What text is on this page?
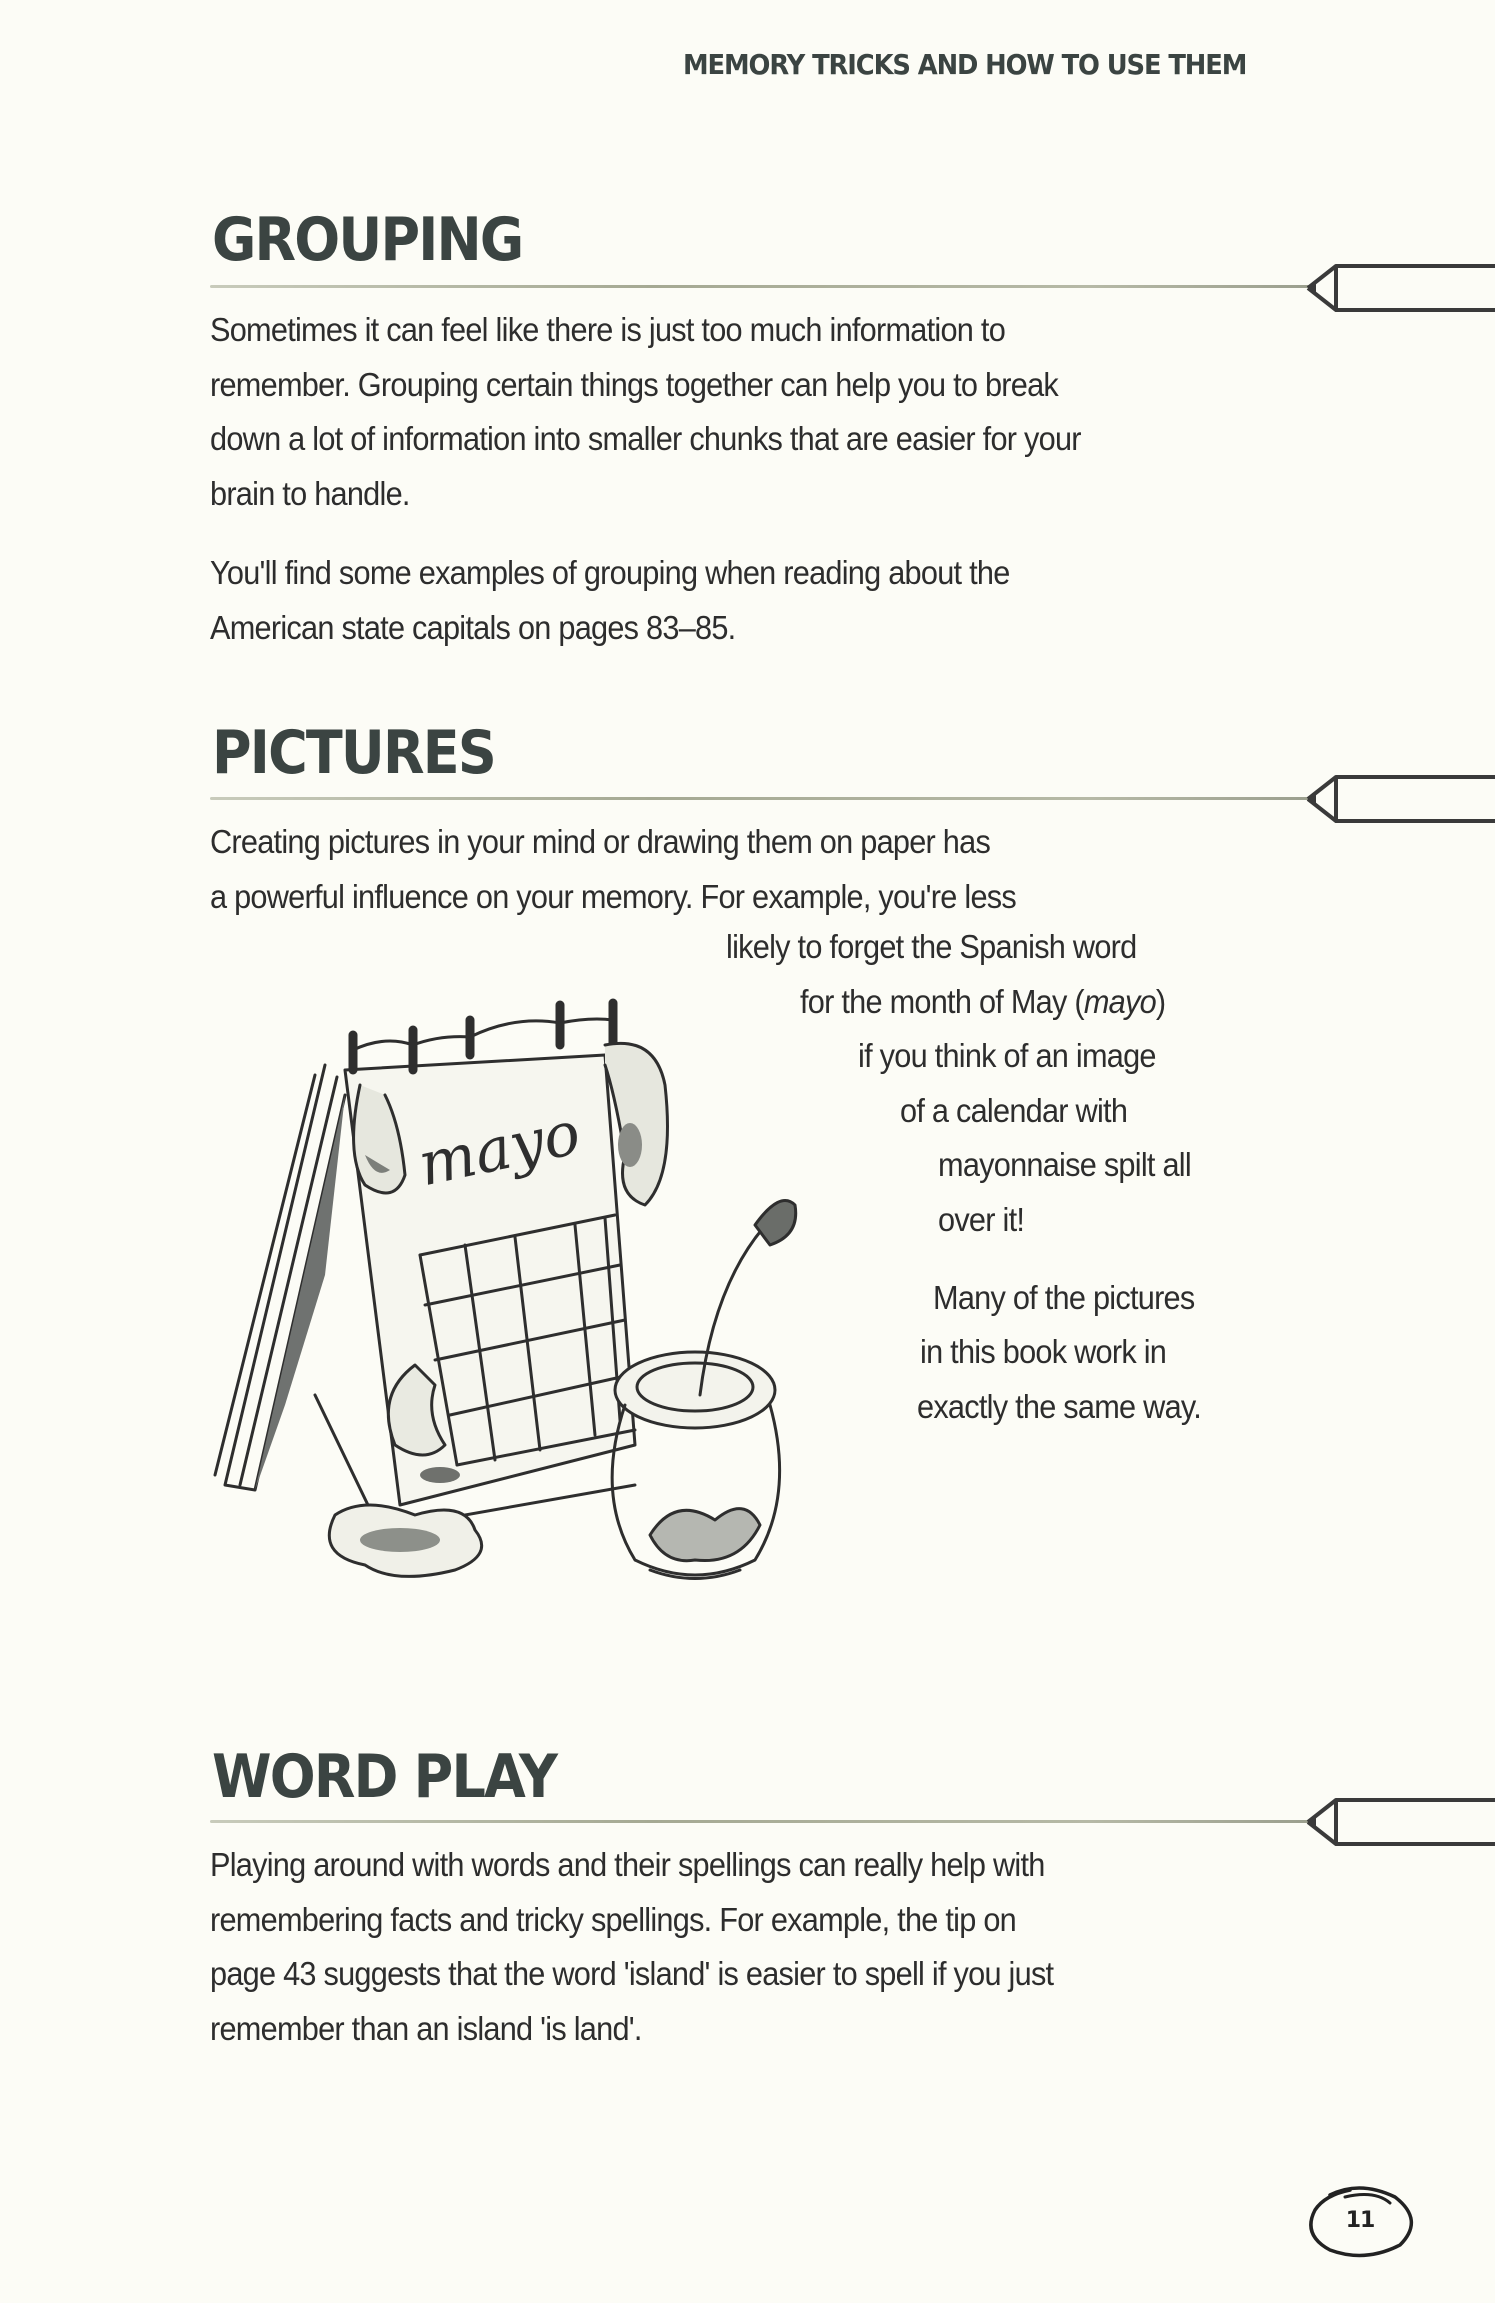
MEMORY TRICKS AND HOW TO USE THEM
GROUPING

Sometimes it can feel like there is just too much information to
remember. Grouping certain things together can help you to break
down a lot of information into smaller chunks that are easier for your
brain to handle.

You'll find some examples of grouping when reading about the
American state capitals on pages 83–85.

PICTURES

Creating pictures in your mind or drawing them on paper has
a powerful influence on your memory. For example, you're less

likely to forget the Spanish word
for the month of May (mayo)
if you think of an image
of a calendar with
mayonnaise spilt all
over it!
Many of the pictures
in this book work in
exactly the same way.
mayo
WORD PLAY

Playing around with words and their spellings can really help with
remembering facts and tricky spellings. For example, the tip on
page 43 suggests that the word 'island' is easier to spell if you just
remember than an island 'is land'.

11
